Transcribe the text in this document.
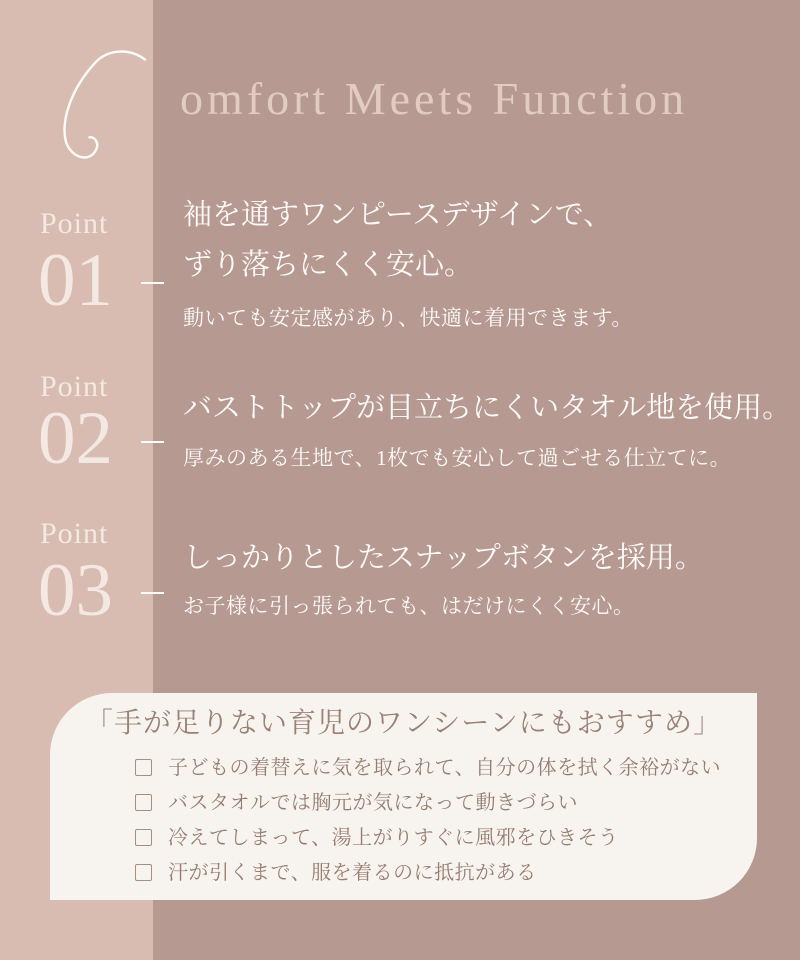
omfort Meets Function
Point
01
袖を通すワンピースデザインで、
ずり落ちにくく安心。
動いても安定感があり、快適に着用できます。
Point
02 バストトップが目立ちにくいタオル地を使用。
厚みのある生地で、1枚でも安心して過ごせる仕立てに。
Point
03 しっかりとしたスナップボタンを採用。
お子様に引っ張られても、はだけにくく安心。
「手が足りない育児のワンシーンにもおすすめ」
子どもの着替えに気を取られて、自分の体を拭く余裕がない
バスタオルでは胸元が気になって動きづらい
冷えてしまって、湯上がりすぐに風邪をひきそう
汗が引くまで、服を着るのに抵抗がある
